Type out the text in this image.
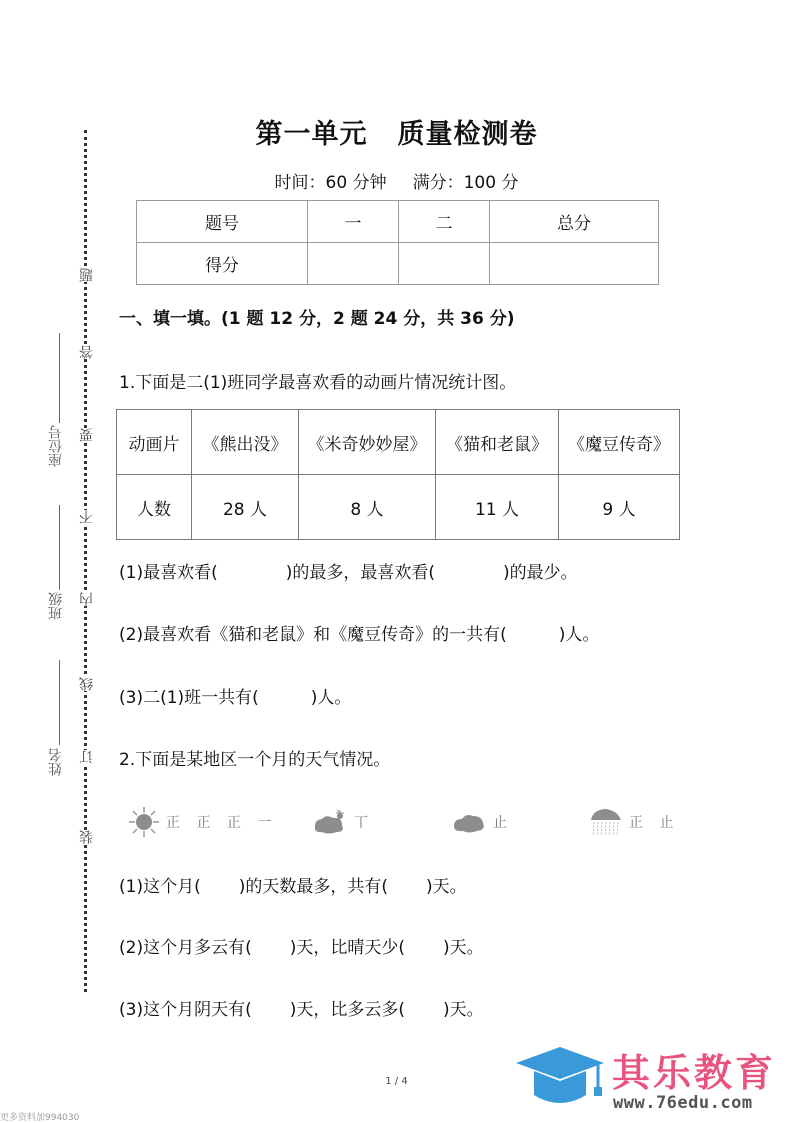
题
答
要
不
内
线
订
装
座位号
班级
姓名
第一单元 质量检测卷
时间：60 分钟 满分：100 分
题号	一	二	总分
得分			
一、填一填。(1 题 12 分，2 题 24 分，共 36 分)
1.下面是二(1)班同学最喜欢看的动画片情况统计图。
动画片	《熊出没》	《米奇妙妙屋》	《猫和老鼠》	《魔豆传奇》
人数	28 人	8 人	11 人	9 人
(1)最喜欢看(	)的最多，最喜欢看(	)的最少。
(2)最喜欢看《猫和老鼠》和《魔豆传奇》的一共有(	)人。
(3)二(1)班一共有(	)人。
2.下面是某地区一个月的天气情况。
正 正 正 一	丅	止	正 止
(1)这个月( )的天数最多，共有( )天。
(2)这个月多云有( )天，比晴天少( )天。
(3)这个月阴天有( )天，比多云多( )天。
1 / 4
更多资料加994030
其乐教育
www.76edu.com
